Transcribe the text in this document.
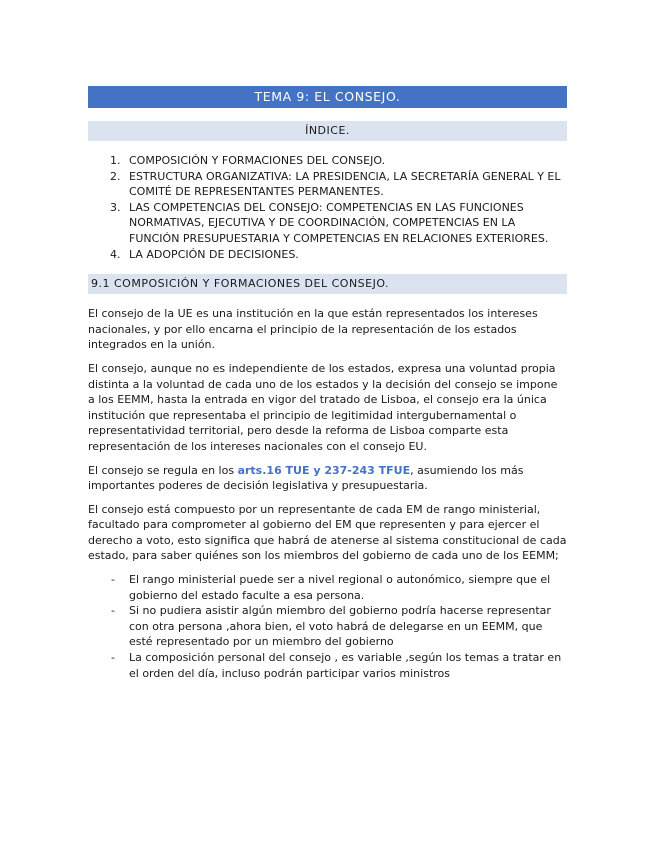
TEMA 9: EL CONSEJO.
ÍNDICE.
1. COMPOSICIÓN Y FORMACIONES DEL CONSEJO.
2. ESTRUCTURA ORGANIZATIVA: LA PRESIDENCIA, LA SECRETARÍA GENERAL Y EL COMITÉ DE REPRESENTANTES PERMANENTES.
3. LAS COMPETENCIAS DEL CONSEJO: COMPETENCIAS EN LAS FUNCIONES NORMATIVAS, EJECUTIVA Y DE COORDINACIÓN, COMPETENCIAS EN LA FUNCIÓN PRESUPUESTARIA Y COMPETENCIAS EN RELACIONES EXTERIORES.
4. LA ADOPCIÓN DE DECISIONES.
9.1 COMPOSICIÓN Y FORMACIONES DEL CONSEJO.

El consejo de la UE es una institución en la que están representados los intereses nacionales, y por ello encarna el principio de la representación de los estados integrados en la unión.

El consejo, aunque no es independiente de los estados, expresa una voluntad propia distinta a la voluntad de cada uno de los estados y la decisión del consejo se impone a los EEMM, hasta la entrada en vigor del tratado de Lisboa, el consejo era la única institución que representaba el principio de legitimidad intergubernamental o representatividad territorial, pero desde la reforma de Lisboa comparte esta representación de los intereses nacionales con el consejo EU.

El consejo se regula en los arts.16 TUE y 237-243 TFUE, asumiendo los más importantes poderes de decisión legislativa y presupuestaria.

El consejo está compuesto por un representante de cada EM de rango ministerial, facultado para comprometer al gobierno del EM que representen y para ejercer el derecho a voto, esto significa que habrá de atenerse al sistema constitucional de cada estado, para saber quiénes son los miembros del gobierno de cada uno de los EEMM;

- El rango ministerial puede ser a nivel regional o autonómico, siempre que el gobierno del estado faculte a esa persona.
- Si no pudiera asistir algún miembro del gobierno podría hacerse representar con otra persona ,ahora bien, el voto habrá de delegarse en un EEMM, que esté representado por un miembro del gobierno
- La composición personal del consejo , es variable ,según los temas a tratar en el orden del día, incluso podrán participar varios ministros
